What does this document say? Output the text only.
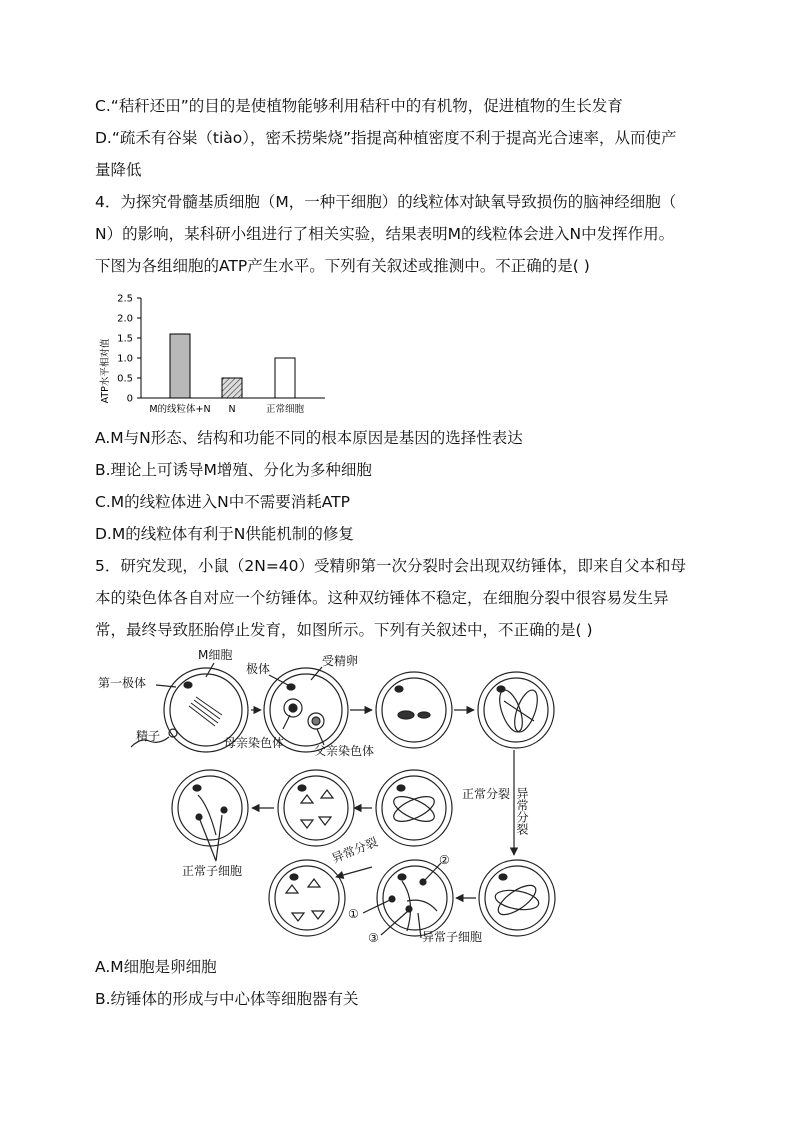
C.“秸秆还田”的目的是使植物能够利用秸秆中的有机物，促进植物的生长发育
D.“疏禾有谷粜（tiào），密禾捞柴烧”指提高种植密度不利于提高光合速率，从而使产
量降低
4．为探究骨髓基质细胞（M，一种干细胞）的线粒体对缺氧导致损伤的脑神经细胞（
N）的影响，某科研小组进行了相关实验，结果表明M的线粒体会进入N中发挥作用。
下图为各组细胞的ATP产生水平。下列有关叙述或推测中。不正确的是( )
ATP水平相对值 0
0.5
1.0
1.5
2.0
2.5
M的线粒体+N N	正常细胞
A.M与N形态、结构和功能不同的根本原因是基因的选择性表达
B.理论上可诱导M增殖、分化为多种细胞
C.M的线粒体进入N中不需要消耗ATP
D.M的线粒体有利于N供能机制的修复
5．研究发现，小鼠（2N=40）受精卵第一次分裂时会出现双纺锤体，即来自父本和母
本的染色体各自对应一个纺锤体。这种双纺锤体不稳定，在细胞分裂中很容易发生异
常，最终导致胚胎停止发育，如图所示。下列有关叙述中，不正确的是( )
M细胞
第一极体
精子
极体
受精卵
母亲染色体
父亲染色体
正常分裂 异常分裂
异常分裂
正常子细胞
异常子细胞
①
②
③
A.M细胞是卵细胞
B.纺锤体的形成与中心体等细胞器有关
